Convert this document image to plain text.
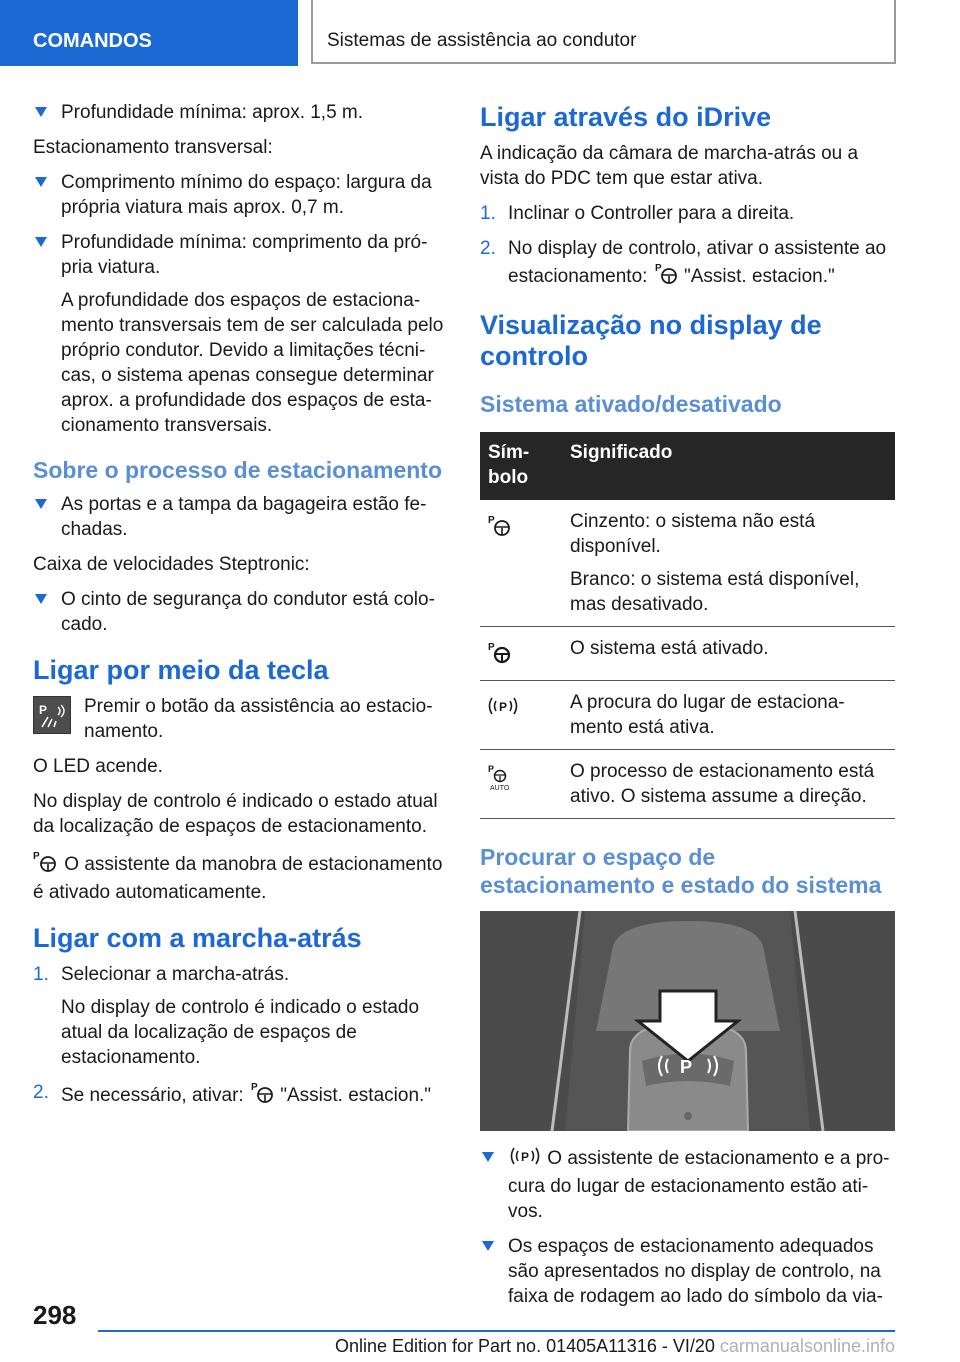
COMANDOS	Sistemas de assistência ao condutor

Profundidade mínima: aprox. 1,5 m.

Estacionamento transversal:

Comprimento mínimo do espaço: largura da própria viatura mais aprox. 0,7 m.

Profundidade mínima: comprimento da própria viatura.

A profundidade dos espaços de estacionamento transversais tem de ser calculada pelo próprio condutor. Devido a limitações técnicas, o sistema apenas consegue determinar aprox. a profundidade dos espaços de estacionamento transversais.

Sobre o processo de estacionamento

As portas e a tampa da bagageira estão fechadas.

Caixa de velocidades Steptronic:

O cinto de segurança do condutor está colocado.

Ligar por meio da tecla
P Premir o botão da assistência ao estacionamento.

O LED acende.

No display de controlo é indicado o estado atual da localização de espaços de estacionamento.

P O assistente da manobra de estacionamento é ativado automaticamente.

Ligar com a marcha-atrás
1. Selecionar a marcha-atrás.

No display de controlo é indicado o estado atual da localização de espaços de estacionamento.

2. Se necessário, ativar: P "Assist. estacion."

Ligar através do iDrive

A indicação da câmara de marcha-atrás ou a vista do PDC tem que estar ativa.

1. Inclinar o Controller para a direita.

2. No display de controlo, ativar o assistente ao estacionamento: P "Assist. estacion."

Visualização no display de controlo
Sistema ativado/desativado
Símbolo	Significado

P	Cinzento: o sistema não está disponível.

Branco: o sistema está disponível, mas desativado.

P	O sistema está ativado.

P	A procura do lugar de estacionamento está ativa.

P
AUTO	O processo de estacionamento está ativo. O sistema assume a direção.

Procurar o espaço de estacionamento e estado do sistema
P

P O assistente de estacionamento e a procura do lugar de estacionamento estão ativos.

Os espaços de estacionamento adequados são apresentados no display de controlo, na faixa de rodagem ao lado do símbolo da via-

298
Online Edition for Part no. 01405A11316 - VI/20 carmanualsonline.info
